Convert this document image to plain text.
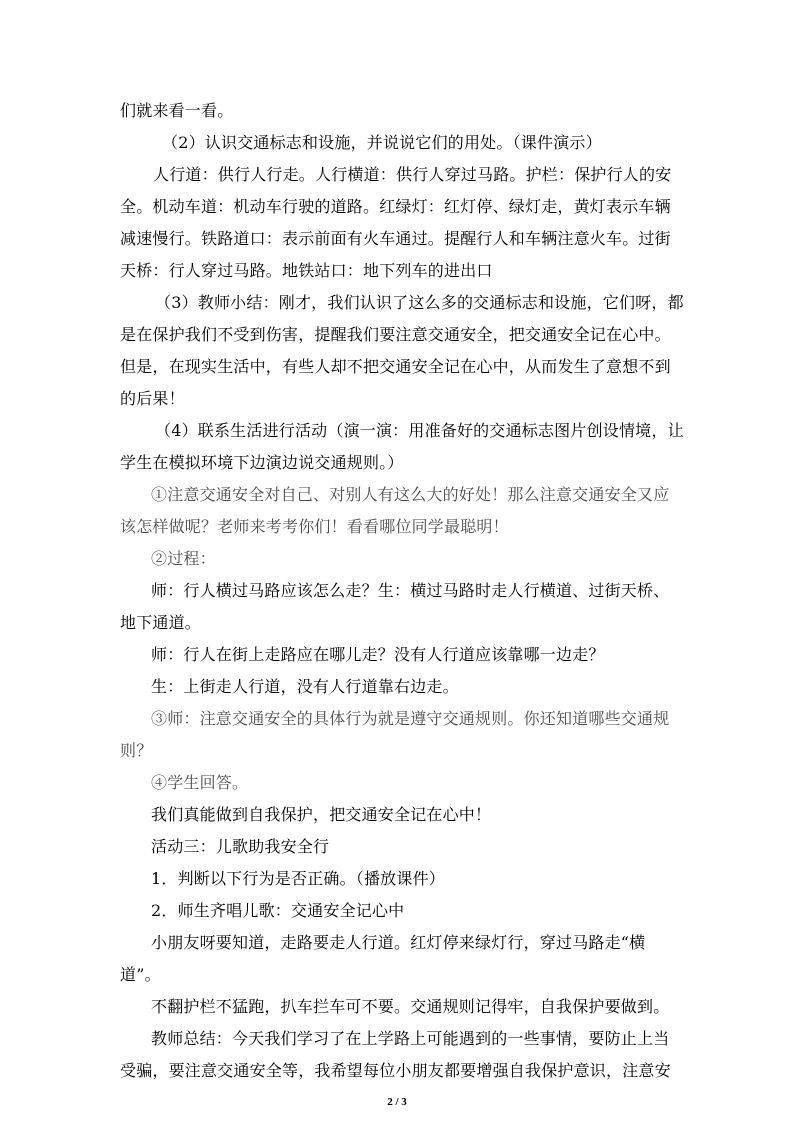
们就来看一看。
（2）认识交通标志和设施，并说说它们的用处。（课件演示）
人行道：供行人行走。人行横道：供行人穿过马路。护栏：保护行人的安
全。机动车道：机动车行驶的道路。红绿灯：红灯停、绿灯走，黄灯表示车辆
减速慢行。铁路道口：表示前面有火车通过。提醒行人和车辆注意火车。过街
天桥：行人穿过马路。地铁站口：地下列车的进出口
（3）教师小结：刚才，我们认识了这么多的交通标志和设施，它们呀，都
是在保护我们不受到伤害，提醒我们要注意交通安全，把交通安全记在心中。
但是，在现实生活中，有些人却不把交通安全记在心中，从而发生了意想不到
的后果！
（4）联系生活进行活动（演一演：用准备好的交通标志图片创设情境，让
学生在模拟环境下边演边说交通规则。）
①注意交通安全对自己、对别人有这么大的好处！那么注意交通安全又应
该怎样做呢？老师来考考你们！看看哪位同学最聪明！
②过程：
师：行人横过马路应该怎么走？生：横过马路时走人行横道、过街天桥、
地下通道。
师：行人在街上走路应在哪儿走？没有人行道应该靠哪一边走？
生：上街走人行道，没有人行道靠右边走。
③师：注意交通安全的具体行为就是遵守交通规则。你还知道哪些交通规
则？
④学生回答。
我们真能做到自我保护，把交通安全记在心中！
活动三：儿歌助我安全行
1．判断以下行为是否正确。（播放课件）
2．师生齐唱儿歌：交通安全记心中
小朋友呀要知道，走路要走人行道。红灯停来绿灯行，穿过马路走“横
道”。
不翻护栏不猛跑，扒车拦车可不要。交通规则记得牢，自我保护要做到。
教师总结：今天我们学习了在上学路上可能遇到的一些事情，要防止上当
受骗，要注意交通安全等，我希望每位小朋友都要增强自我保护意识，注意安
2 / 3
